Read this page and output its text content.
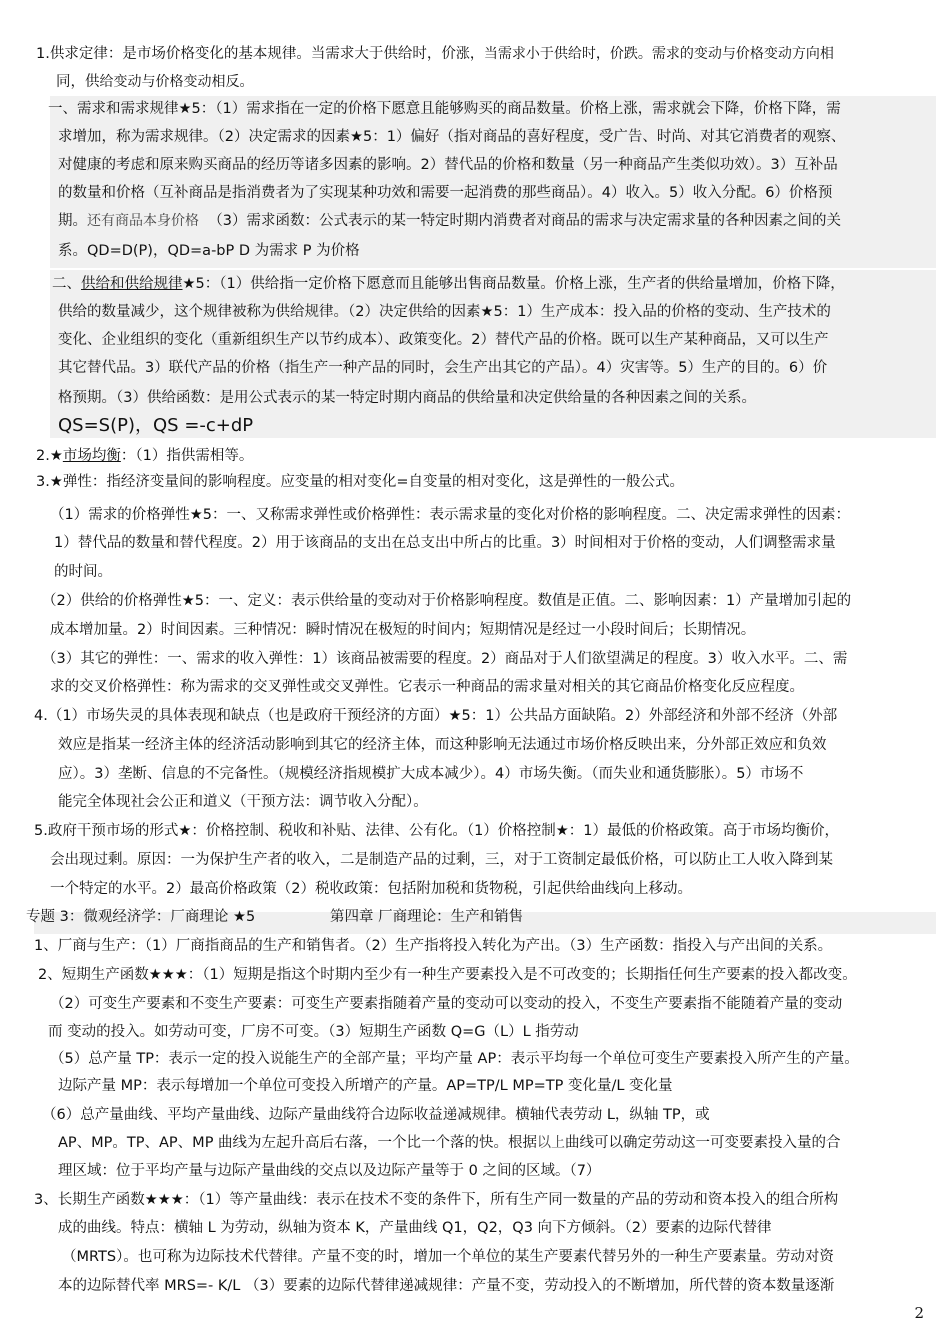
1.供求定律：是市场价格变化的基本规律。当需求大于供给时，价涨，当需求小于供给时，价跌。需求的变动与价格变动方向相
同，供给变动与价格变动相反。
一、需求和需求规律★5：（1）需求指在一定的价格下愿意且能够购买的商品数量。价格上涨，需求就会下降，价格下降，需
求增加，称为需求规律。（2）决定需求的因素★5：1）偏好（指对商品的喜好程度，受广告、时尚、对其它消费者的观察、
对健康的考虑和原来购买商品的经历等诸多因素的影响。2）替代品的价格和数量（另一种商品产生类似功效）。3）互补品
的数量和价格（互补商品是指消费者为了实现某种功效和需要一起消费的那些商品）。4）收入。5）收入分配。6）价格预
期。还有商品本身价格 （3）需求函数：公式表示的某一特定时期内消费者对商品的需求与决定需求量的各种因素之间的关
系。QD=D(P)，QD=a-bP D 为需求 P 为价格
二、供给和供给规律★5：（1）供给指一定价格下愿意而且能够出售商品数量。价格上涨，生产者的供给量增加，价格下降，
供给的数量减少，这个规律被称为供给规律。（2）决定供给的因素★5：1）生产成本：投入品的价格的变动、生产技术的
变化、企业组织的变化（重新组织生产以节约成本）、政策变化。2）替代产品的价格。既可以生产某种商品，又可以生产
其它替代品。3）联代产品的价格（指生产一种产品的同时，会生产出其它的产品）。4）灾害等。5）生产的目的。6）价
格预期。（3）供给函数：是用公式表示的某一特定时期内商品的供给量和决定供给量的各种因素之间的关系。
QS=S(P)，QS =-c+dP
2.★市场均衡：（1）指供需相等。
3.★弹性：指经济变量间的影响程度。应变量的相对变化=自变量的相对变化，这是弹性的一般公式。
（1）需求的价格弹性★5：一、又称需求弹性或价格弹性：表示需求量的变化对价格的影响程度。二、决定需求弹性的因素：
1）替代品的数量和替代程度。2）用于该商品的支出在总支出中所占的比重。3）时间相对于价格的变动，人们调整需求量
的时间。
（2）供给的价格弹性★5：一、定义：表示供给量的变动对于价格影响程度。数值是正值。二、影响因素：1）产量增加引起的
成本增加量。2）时间因素。三种情况：瞬时情况在极短的时间内；短期情况是经过一小段时间后；长期情况。
（3）其它的弹性：一、需求的收入弹性：1）该商品被需要的程度。2）商品对于人们欲望满足的程度。3）收入水平。二、需
求的交叉价格弹性：称为需求的交叉弹性或交叉弹性。它表示一种商品的需求量对相关的其它商品价格变化反应程度。
4.（1）市场失灵的具体表现和缺点（也是政府干预经济的方面）★5：1）公共品方面缺陷。2）外部经济和外部不经济（外部
效应是指某一经济主体的经济活动影响到其它的经济主体，而这种影响无法通过市场价格反映出来，分外部正效应和负效
应）。3）垄断、信息的不完备性。（规模经济指规模扩大成本减少）。4）市场失衡。（而失业和通货膨胀）。5）市场不
能完全体现社会公正和道义（干预方法：调节收入分配）。
5.政府干预市场的形式★：价格控制、税收和补贴、法律、公有化。（1）价格控制★：1）最低的价格政策。高于市场均衡价，
会出现过剩。原因：一为保护生产者的收入，二是制造产品的过剩，三，对于工资制定最低价格，可以防止工人收入降到某
一个特定的水平。2）最高价格政策（2）税收政策：包括附加税和货物税，引起供给曲线向上移动。
专题 3：微观经济学：厂商理论 ★5	第四章 厂商理论：生产和销售
1、厂商与生产：（1）厂商指商品的生产和销售者。（2）生产指将投入转化为产出。（3）生产函数：指投入与产出间的关系。
2、短期生产函数★★★：（1）短期是指这个时期内至少有一种生产要素投入是不可改变的；长期指任何生产要素的投入都改变。
（2）可变生产要素和不变生产要素：可变生产要素指随着产量的变动可以变动的投入，不变生产要素指不能随着产量的变动
而 变动的投入。如劳动可变，厂房不可变。（3）短期生产函数 Q=G（L）L 指劳动
（5）总产量 TP：表示一定的投入说能生产的全部产量；平均产量 AP：表示平均每一个单位可变生产要素投入所产生的产量。
边际产量 MP：表示每增加一个单位可变投入所增产的产量。AP=TP/L MP=TP 变化量/L 变化量
（6）总产量曲线、平均产量曲线、边际产量曲线符合边际收益递减规律。横轴代表劳动 L，纵轴 TP，或
AP、MP。TP、AP、MP 曲线为左起升高后右落，一个比一个落的快。根据以上曲线可以确定劳动这一可变要素投入量的合
理区域：位于平均产量与边际产量曲线的交点以及边际产量等于 0 之间的区域。（7）
3、长期生产函数★★★：（1）等产量曲线：表示在技术不变的条件下，所有生产同一数量的产品的劳动和资本投入的组合所构
成的曲线。特点：横轴 L 为劳动，纵轴为资本 K，产量曲线 Q1，Q2，Q3 向下方倾斜。（2）要素的边际代替律
（MRTS）。也可称为边际技术代替律。产量不变的时，增加一个单位的某生产要素代替另外的一种生产要素量。劳动对资
本的边际替代率 MRS=- K/L （3）要素的边际代替律递减规律：产量不变，劳动投入的不断增加，所代替的资本数量逐渐
2
